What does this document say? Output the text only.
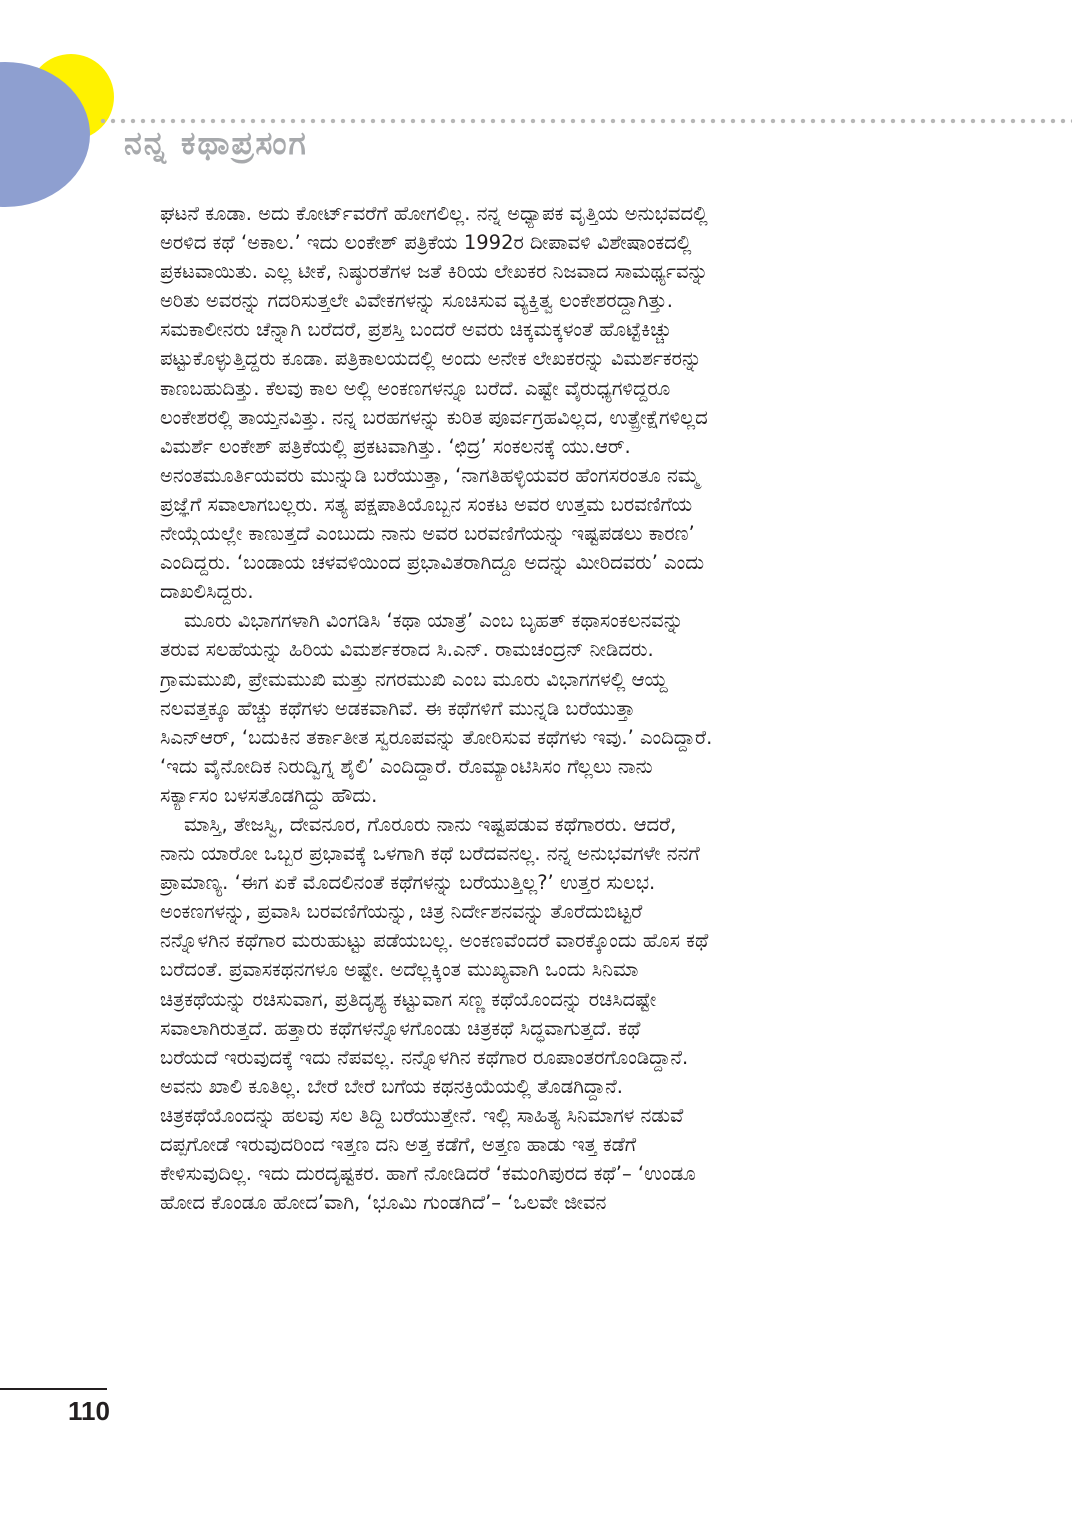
ನನ್ನ ಕಥಾಪ್ರಸಂಗ
ಘಟನೆ ಕೂಡಾ. ಅದು ಕೋರ್ಟ್‌ವರೆಗೆ ಹೋಗಲಿಲ್ಲ. ನನ್ನ ಅಧ್ಯಾಪಕ ವೃತ್ತಿಯ ಅನುಭವದಲ್ಲಿ
ಅರಳಿದ ಕಥೆ ‘ಅಕಾಲ.’ ಇದು ಲಂಕೇಶ್ ಪತ್ರಿಕೆಯ 1992ರ ದೀಪಾವಳಿ ವಿಶೇಷಾಂಕದಲ್ಲಿ
ಪ್ರಕಟವಾಯಿತು. ಎಲ್ಲ ಟೀಕೆ, ನಿಷ್ಠುರತೆಗಳ ಜತೆ ಕಿರಿಯ ಲೇಖಕರ ನಿಜವಾದ ಸಾಮರ್ಥ್ಯವನ್ನು
ಅರಿತು ಅವರನ್ನು ಗದರಿಸುತ್ತಲೇ ವಿವೇಕಗಳನ್ನು ಸೂಚಿಸುವ ವ್ಯಕ್ತಿತ್ವ ಲಂಕೇಶರದ್ದಾಗಿತ್ತು.
ಸಮಕಾಲೀನರು ಚೆನ್ನಾಗಿ ಬರೆದರೆ, ಪ್ರಶಸ್ತಿ ಬಂದರೆ ಅವರು ಚಿಕ್ಕಮಕ್ಕಳಂತೆ ಹೊಟ್ಟೆಕಿಚ್ಚು
ಪಟ್ಟುಕೊಳ್ಳುತ್ತಿದ್ದರು ಕೂಡಾ. ಪತ್ರಿಕಾಲಯದಲ್ಲಿ ಅಂದು ಅನೇಕ ಲೇಖಕರನ್ನು ವಿಮರ್ಶಕರನ್ನು
ಕಾಣಬಹುದಿತ್ತು. ಕೆಲವು ಕಾಲ ಅಲ್ಲಿ ಅಂಕಣಗಳನ್ನೂ ಬರೆದೆ. ಎಷ್ಟೇ ವೈರುಧ್ಯಗಳಿದ್ದರೂ
ಲಂಕೇಶರಲ್ಲಿ ತಾಯ್ತನವಿತ್ತು. ನನ್ನ ಬರಹಗಳನ್ನು ಕುರಿತ ಪೂರ್ವಗ್ರಹವಿಲ್ಲದ, ಉತ್ಪ್ರೇಕ್ಷೆಗಳಿಲ್ಲದ
ವಿಮರ್ಶೆ ಲಂಕೇಶ್ ಪತ್ರಿಕೆಯಲ್ಲಿ ಪ್ರಕಟವಾಗಿತ್ತು. ‘ಛಿದ್ರ’ ಸಂಕಲನಕ್ಕೆ ಯು.ಆರ್.
ಅನಂತಮೂರ್ತಿಯವರು ಮುನ್ನುಡಿ ಬರೆಯುತ್ತಾ, ‘ನಾಗತಿಹಳ್ಳಿಯವರ ಹೆಂಗಸರಂತೂ ನಮ್ಮ
ಪ್ರಜ್ಞೆಗೆ ಸವಾಲಾಗಬಲ್ಲರು. ಸತ್ಯ ಪಕ್ಷಪಾತಿಯೊಬ್ಬನ ಸಂಕಟ ಅವರ ಉತ್ತಮ ಬರವಣಿಗೆಯ
ನೇಯ್ಗೆಯಲ್ಲೇ ಕಾಣುತ್ತದೆ ಎಂಬುದು ನಾನು ಅವರ ಬರವಣಿಗೆಯನ್ನು ಇಷ್ಟಪಡಲು ಕಾರಣ’
ಎಂದಿದ್ದರು. ‘ಬಂಡಾಯ ಚಳವಳಿಯಿಂದ ಪ್ರಭಾವಿತರಾಗಿದ್ದೂ ಅದನ್ನು ಮೀರಿದವರು’ ಎಂದು
ದಾಖಲಿಸಿದ್ದರು.
ಮೂರು ವಿಭಾಗಗಳಾಗಿ ವಿಂಗಡಿಸಿ ‘ಕಥಾ ಯಾತ್ರೆ’ ಎಂಬ ಬೃಹತ್ ಕಥಾಸಂಕಲನವನ್ನು
ತರುವ ಸಲಹೆಯನ್ನು ಹಿರಿಯ ವಿಮರ್ಶಕರಾದ ಸಿ.ಎನ್. ರಾಮಚಂದ್ರನ್ ನೀಡಿದರು.
ಗ್ರಾಮಮುಖಿ, ಪ್ರೇಮಮುಖಿ ಮತ್ತು ನಗರಮುಖಿ ಎಂಬ ಮೂರು ವಿಭಾಗಗಳಲ್ಲಿ ಆಯ್ದ
ನಲವತ್ತಕ್ಕೂ ಹೆಚ್ಚು ಕಥೆಗಳು ಅಡಕವಾಗಿವೆ. ಈ ಕಥೆಗಳಿಗೆ ಮುನ್ನಡಿ ಬರೆಯುತ್ತಾ
ಸಿಎನ್‌ಆರ್, ‘ಬದುಕಿನ ತರ್ಕಾತೀತ ಸ್ವರೂಪವನ್ನು ತೋರಿಸುವ ಕಥೆಗಳು ಇವು.’ ಎಂದಿದ್ದಾರೆ.
‘ಇದು ವೈನೋದಿಕ ನಿರುದ್ವಿಗ್ನ ಶೈಲಿ’ ಎಂದಿದ್ದಾರೆ. ರೊಮ್ಯಾಂಟಿಸಿಸಂ ಗೆಲ್ಲಲು ನಾನು
ಸರ್ಕ್ಯಾಸಂ ಬಳಸತೊಡಗಿದ್ದು ಹೌದು.
ಮಾಸ್ತಿ, ತೇಜಸ್ವಿ, ದೇವನೂರ, ಗೊರೂರು ನಾನು ಇಷ್ಟಪಡುವ ಕಥೆಗಾರರು. ಆದರೆ,
ನಾನು ಯಾರೋ ಒಬ್ಬರ ಪ್ರಭಾವಕ್ಕೆ ಒಳಗಾಗಿ ಕಥೆ ಬರೆದವನಲ್ಲ. ನನ್ನ ಅನುಭವಗಳೇ ನನಗೆ
ಪ್ರಾಮಾಣ್ಯ. ‘ಈಗ ಏಕೆ ಮೊದಲಿನಂತೆ ಕಥೆಗಳನ್ನು ಬರೆಯುತ್ತಿಲ್ಲ?’ ಉತ್ತರ ಸುಲಭ.
ಅಂಕಣಗಳನ್ನು, ಪ್ರವಾಸಿ ಬರವಣಿಗೆಯನ್ನು, ಚಿತ್ರ ನಿರ್ದೇಶನವನ್ನು ತೊರೆದುಬಿಟ್ಟರೆ
ನನ್ನೊಳಗಿನ ಕಥೆಗಾರ ಮರುಹುಟ್ಟು ಪಡೆಯಬಲ್ಲ. ಅಂಕಣವೆಂದರೆ ವಾರಕ್ಕೊಂದು ಹೊಸ ಕಥೆ
ಬರೆದಂತೆ. ಪ್ರವಾಸಕಥನಗಳೂ ಅಷ್ಟೇ. ಅದೆಲ್ಲಕ್ಕಿಂತ ಮುಖ್ಯವಾಗಿ ಒಂದು ಸಿನಿಮಾ
ಚಿತ್ರಕಥೆಯನ್ನು ರಚಿಸುವಾಗ, ಪ್ರತಿದೃಶ್ಯ ಕಟ್ಟುವಾಗ ಸಣ್ಣ ಕಥೆಯೊಂದನ್ನು ರಚಿಸಿದಷ್ಟೇ
ಸವಾಲಾಗಿರುತ್ತದೆ. ಹತ್ತಾರು ಕಥೆಗಳನ್ನೊಳಗೊಂಡು ಚಿತ್ರಕಥೆ ಸಿದ್ಧವಾಗುತ್ತದೆ. ಕಥೆ
ಬರೆಯದೆ ಇರುವುದಕ್ಕೆ ಇದು ನೆಪವಲ್ಲ. ನನ್ನೊಳಗಿನ ಕಥೆಗಾರ ರೂಪಾಂತರಗೊಂಡಿದ್ದಾನೆ.
ಅವನು ಖಾಲಿ ಕೂತಿಲ್ಲ. ಬೇರೆ ಬೇರೆ ಬಗೆಯ ಕಥನಕ್ರಿಯೆಯಲ್ಲಿ ತೊಡಗಿದ್ದಾನೆ.
ಚಿತ್ರಕಥೆಯೊಂದನ್ನು ಹಲವು ಸಲ ತಿದ್ದಿ ಬರೆಯುತ್ತೇನೆ. ಇಲ್ಲಿ ಸಾಹಿತ್ಯ ಸಿನಿಮಾಗಳ ನಡುವೆ
ದಪ್ಪಗೋಡೆ ಇರುವುದರಿಂದ ಇತ್ತಣ ದನಿ ಅತ್ತ ಕಡೆಗೆ, ಅತ್ತಣ ಹಾಡು ಇತ್ತ ಕಡೆಗೆ
ಕೇಳಿಸುವುದಿಲ್ಲ. ಇದು ದುರದೃಷ್ಟಕರ. ಹಾಗೆ ನೋಡಿದರೆ ‘ಕಮಂಗಿಪುರದ ಕಥೆ’– ‘ಉಂಡೂ
ಹೋದ ಕೊಂಡೂ ಹೋದ’ವಾಗಿ, ‘ಭೂಮಿ ಗುಂಡಗಿದೆ’– ‘ಒಲವೇ ಜೀವನ
110
